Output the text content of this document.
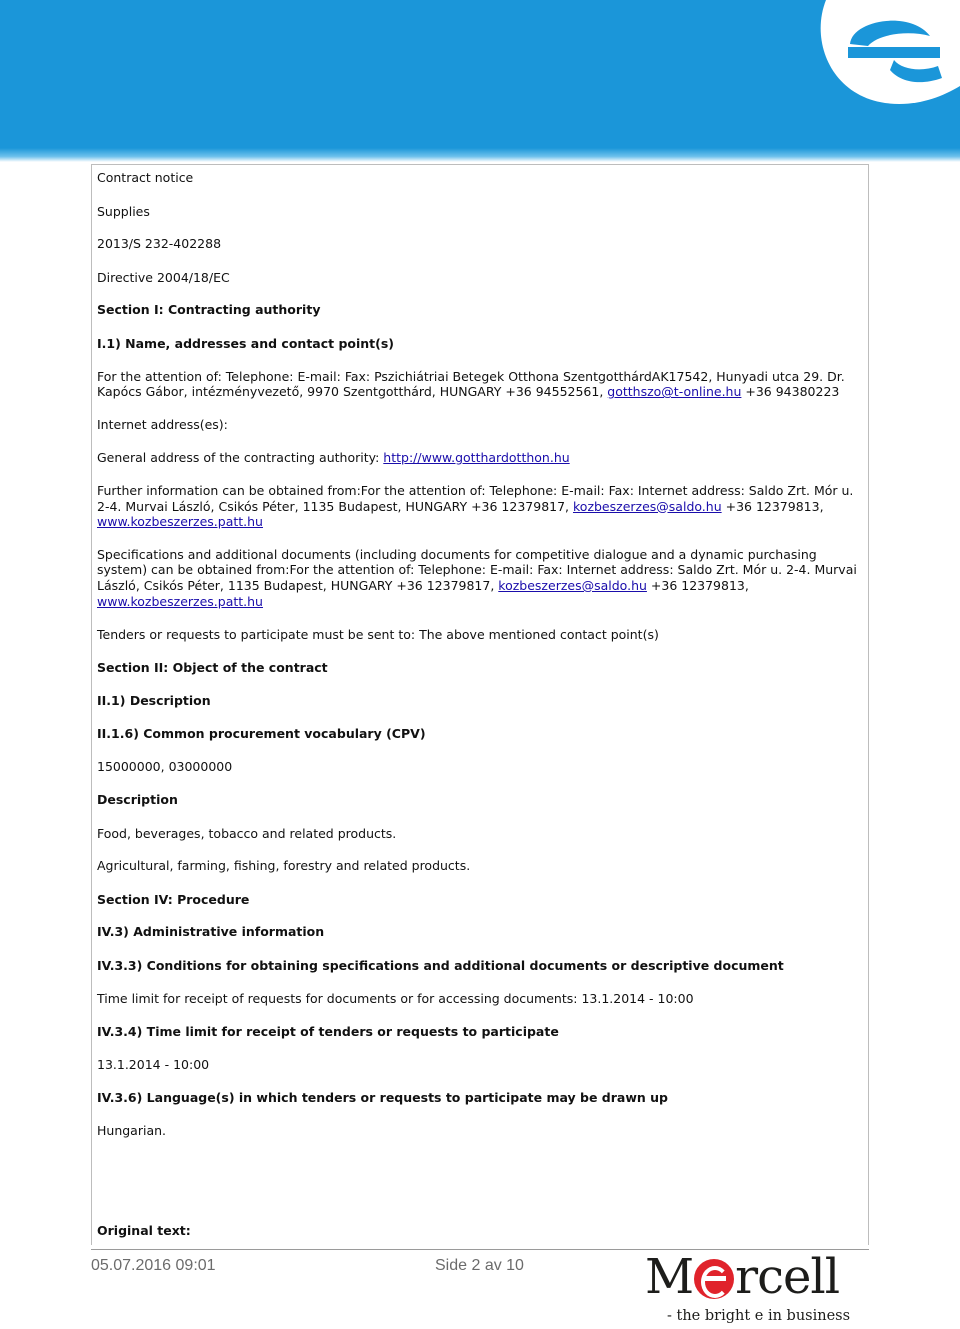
Contract notice

Supplies

2013/S 232-402288

Directive 2004/18/EC

Section I: Contracting authority

I.1) Name, addresses and contact point(s)

For the attention of: Telephone: E-mail: Fax: Pszichiátriai Betegek Otthona SzentgotthárdAK17542, Hunyadi utca 29. Dr. Kapócs Gábor, intézményvezető, 9970 Szentgotthárd, HUNGARY +36 94552561, gotthszo@t-online.hu +36 94380223

Internet address(es):

General address of the contracting authority: http://www.gotthardotthon.hu

Further information can be obtained from:For the attention of: Telephone: E-mail: Fax: Internet address: Saldo Zrt. Mór u. 2-4. Murvai László, Csikós Péter, 1135 Budapest, HUNGARY +36 12379817, kozbeszerzes@saldo.hu +36 12379813, www.kozbeszerzes.patt.hu

Specifications and additional documents (including documents for competitive dialogue and a dynamic purchasing system) can be obtained from:For the attention of: Telephone: E-mail: Fax: Internet address: Saldo Zrt. Mór u. 2-4. Murvai László, Csikós Péter, 1135 Budapest, HUNGARY +36 12379817, kozbeszerzes@saldo.hu +36 12379813, www.kozbeszerzes.patt.hu

Tenders or requests to participate must be sent to: The above mentioned contact point(s)

Section II: Object of the contract

II.1) Description

II.1.6) Common procurement vocabulary (CPV)

15000000, 03000000

Description

Food, beverages, tobacco and related products.

Agricultural, farming, fishing, forestry and related products.

Section IV: Procedure

IV.3) Administrative information

IV.3.3) Conditions for obtaining specifications and additional documents or descriptive document

Time limit for receipt of requests for documents or for accessing documents: 13.1.2014 - 10:00

IV.3.4) Time limit for receipt of tenders or requests to participate

13.1.2014 - 10:00

IV.3.6) Language(s) in which tenders or requests to participate may be drawn up

Hungarian.

Original text:

05.07.2016 09:01	Side 2 av 10	M rcell
- the bright e in business
